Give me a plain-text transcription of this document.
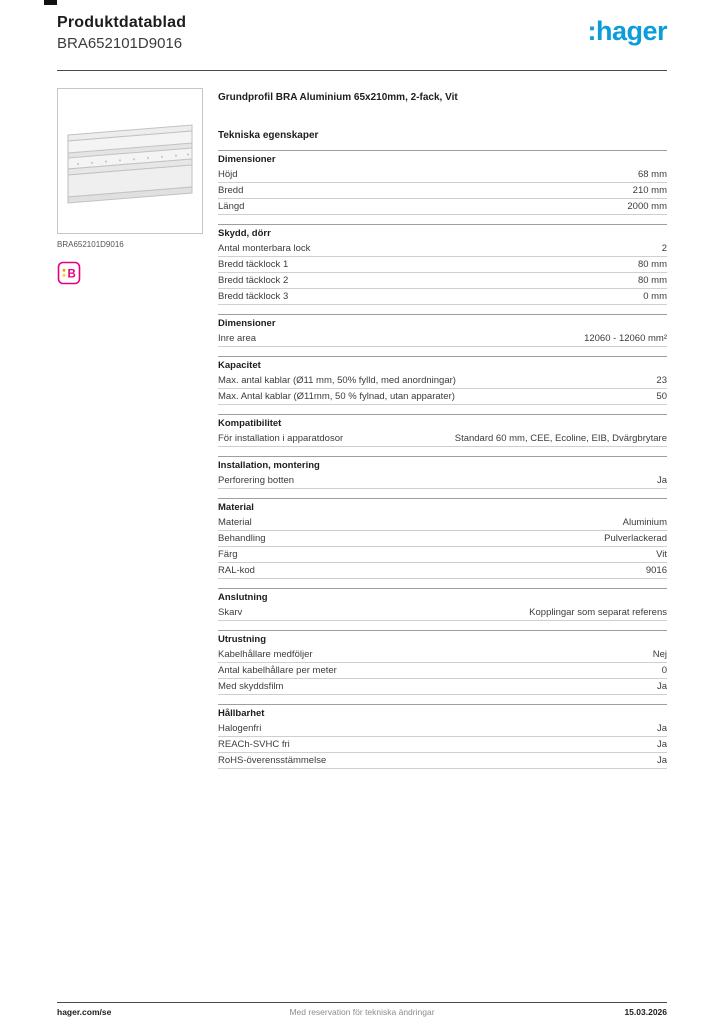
Produktdatablad
BRA652101D9016	:hager
BRA652101D9016
B
Grundprofil BRA Aluminium 65x210mm, 2-fack, Vit
Tekniska egenskaper
Dimensioner
Höjd	68 mm
Bredd	210 mm
Längd	2000 mm
Skydd, dörr
Antal monterbara lock	2
Bredd täcklock 1	80 mm
Bredd täcklock 2	80 mm
Bredd täcklock 3	0 mm
Dimensioner
Inre area	12060 - 12060 mm²
Kapacitet
Max. antal kablar (Ø11 mm, 50% fylld, med anordningar)	23
Max. Antal kablar (Ø11mm, 50 % fylnad, utan apparater)	50
Kompatibilitet
För installation i apparatdosor	Standard 60 mm, CEE, Ecoline, EIB, Dvärgbrytare
Installation, montering
Perforering botten	Ja
Material
Material	Aluminium
Behandling	Pulverlackerad
Färg	Vit
RAL-kod	9016
Anslutning
Skarv	Kopplingar som separat referens
Utrustning
Kabelhållare medföljer	Nej
Antal kabelhållare per meter	0
Med skyddsfilm	Ja
Hållbarhet
Halogenfri	Ja
REACh-SVHC fri	Ja
RoHS-överensstämmelse	Ja
hager.com/se	Med reservation för tekniska ändringar	15.03.2026
